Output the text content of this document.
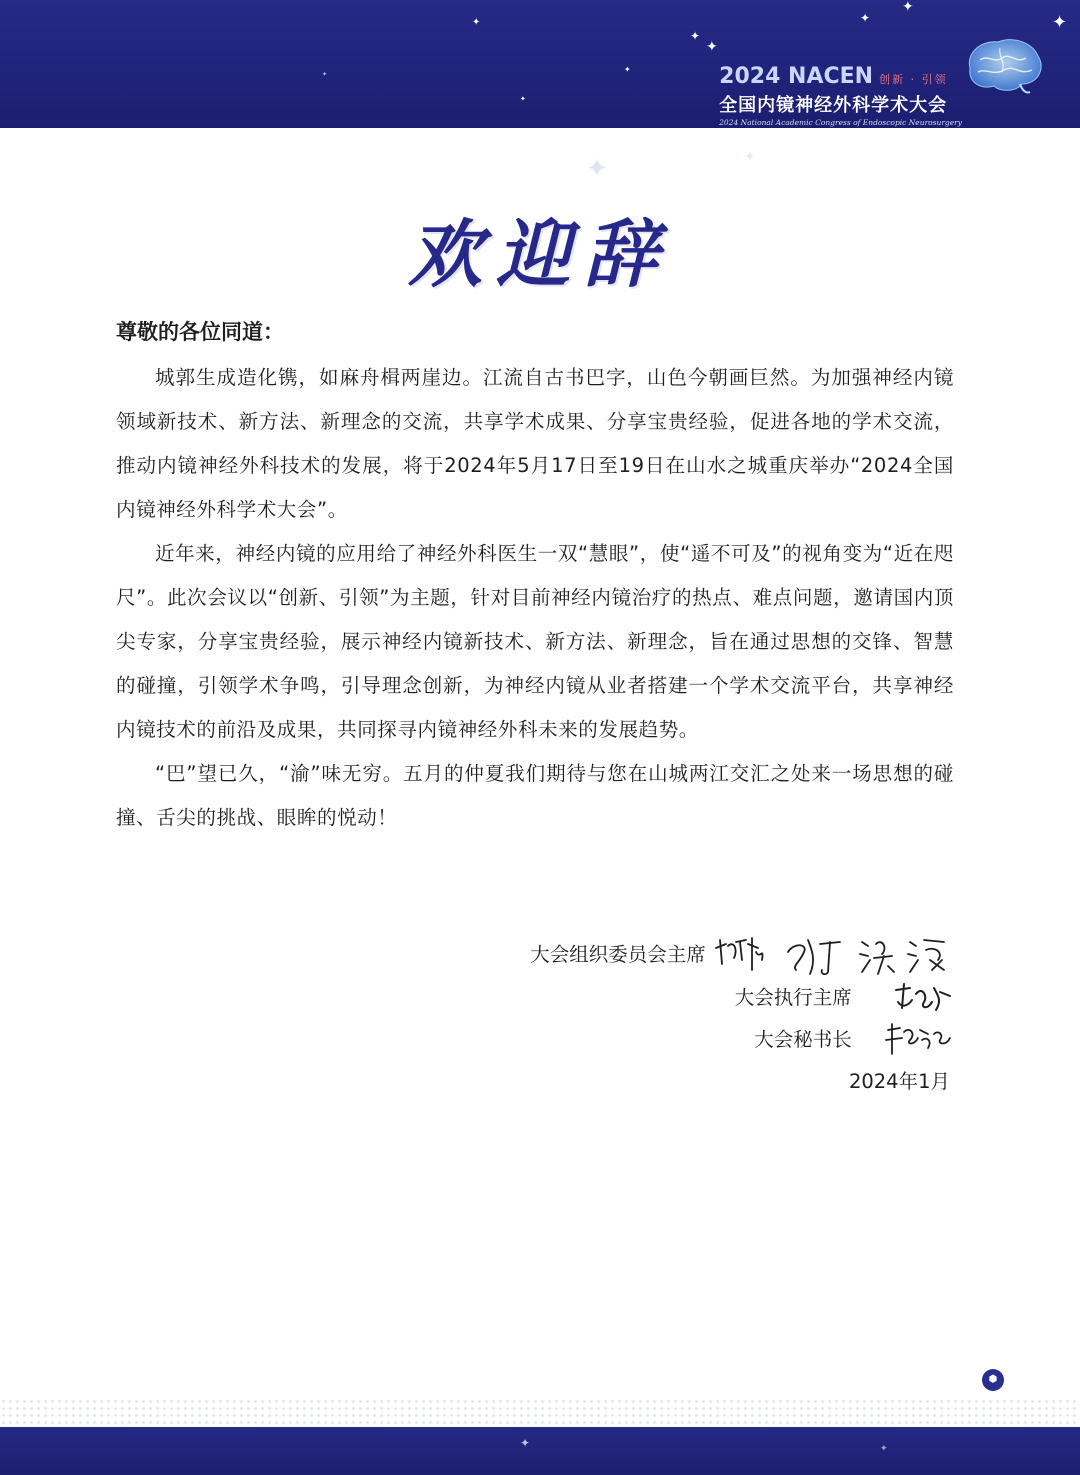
✦
✦
✦
✦
✦
✦
✦
✦
✦	2024 NACEN 创新 · 引领
全国内镜神经外科学术大会
2024 National Academic Congress of Endoscopic Neurosurgery
✦	✦
欢迎辞
尊敬的各位同道：

城郭生成造化镌，如麻舟楫两崖边。江流自古书巴字，山色今朝画巨然。为加强神经内镜领域新技术、新方法、新理念的交流，共享学术成果、分享宝贵经验，促进各地的学术交流，推动内镜神经外科技术的发展，将于2024年5月17日至19日在山水之城重庆举办“2024全国内镜神经外科学术大会”。

近年来，神经内镜的应用给了神经外科医生一双“慧眼”，使“遥不可及”的视角变为“近在咫尺”。此次会议以“创新、引领”为主题，针对目前神经内镜治疗的热点、难点问题，邀请国内顶尖专家，分享宝贵经验，展示神经内镜新技术、新方法、新理念，旨在通过思想的交锋、智慧的碰撞，引领学术争鸣，引导理念创新，为神经内镜从业者搭建一个学术交流平台，共享神经内镜技术的前沿及成果，共同探寻内镜神经外科未来的发展趋势。

“巴”望已久，“渝”味无穷。五月的仲夏我们期待与您在山城两江交汇之处来一场思想的碰撞、舌尖的挑战、眼眸的悦动！

大会组织委员会主席
大会执行主席
大会秘书长
2024年1月
⬢
✦	✦
